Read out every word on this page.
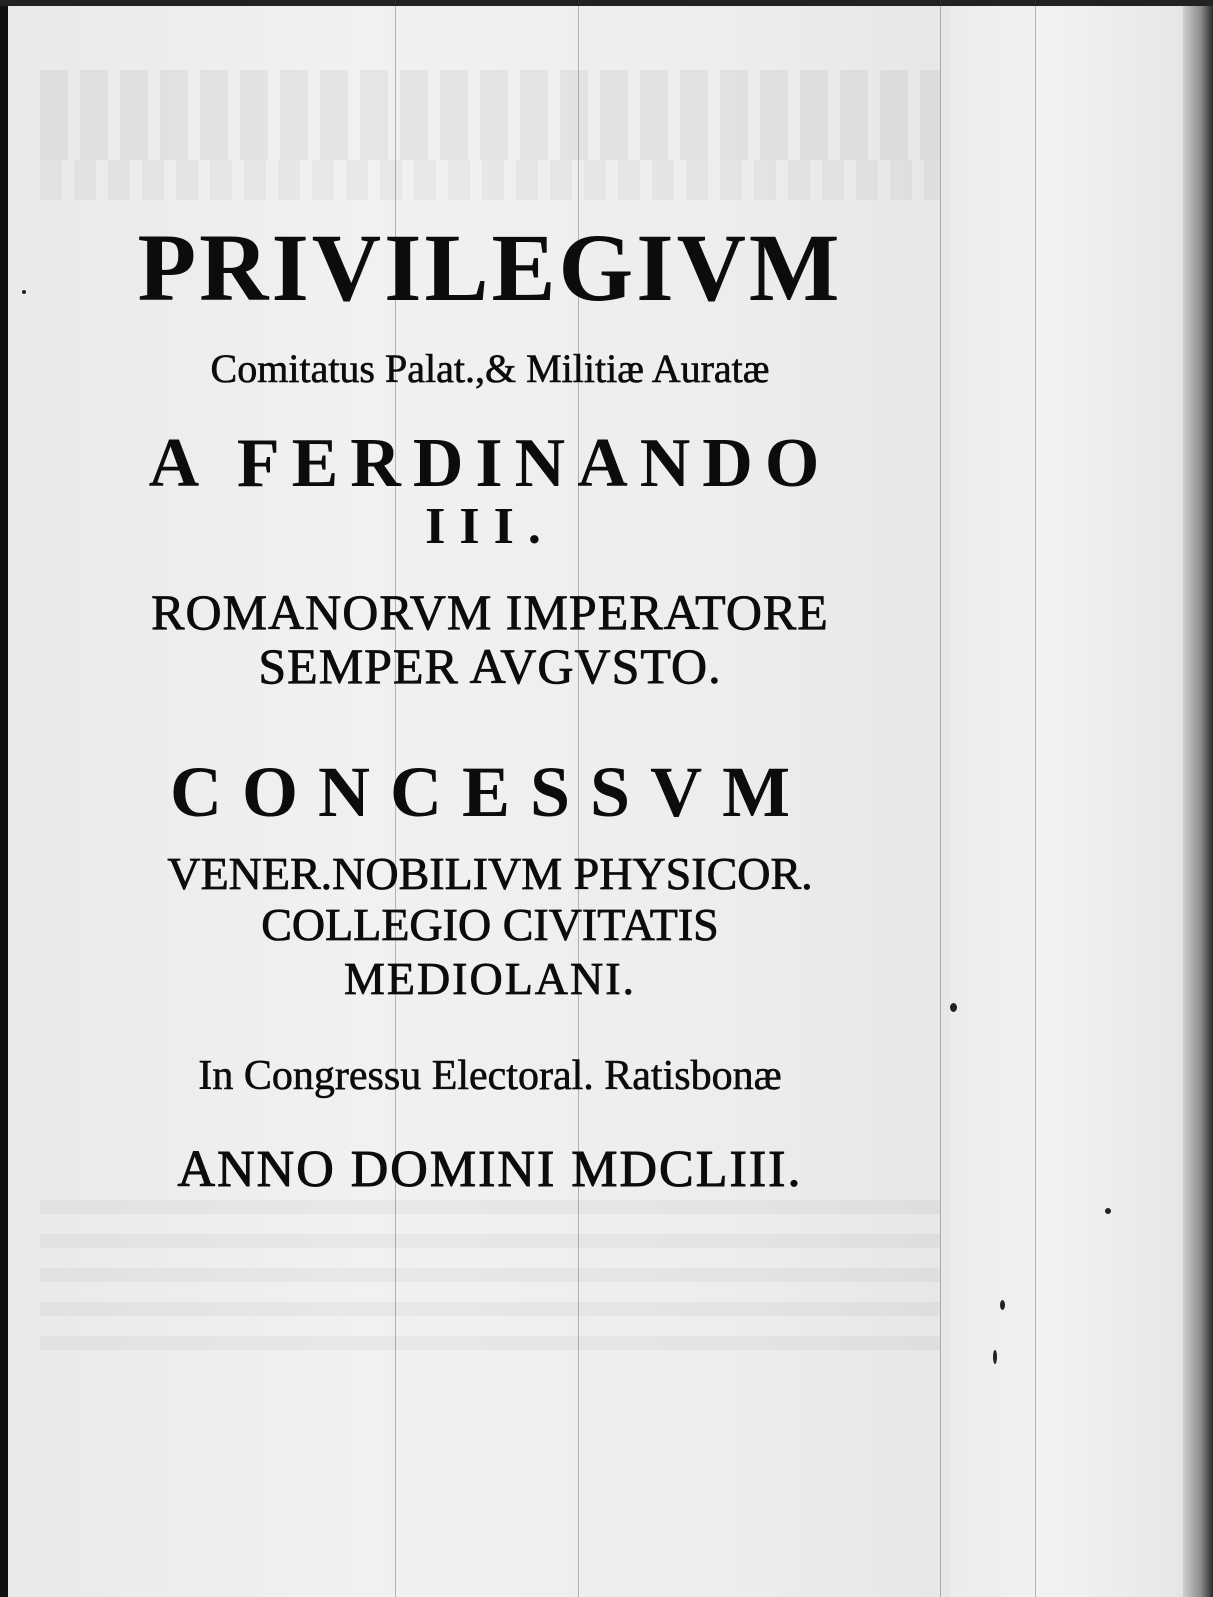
PRIVILEGIVM
Comitatus Palat.,& Militiæ Auratæ
A FERDINANDO
III.
ROMANORVM IMPERATORE
SEMPER AVGVSTO.
CONCESSVM
VENER.NOBILIVM PHYSICOR.
COLLEGIO CIVITATIS
MEDIOLANI.
In Congressu Electoral. Ratisbonæ
ANNO DOMINI MDCLIII.
